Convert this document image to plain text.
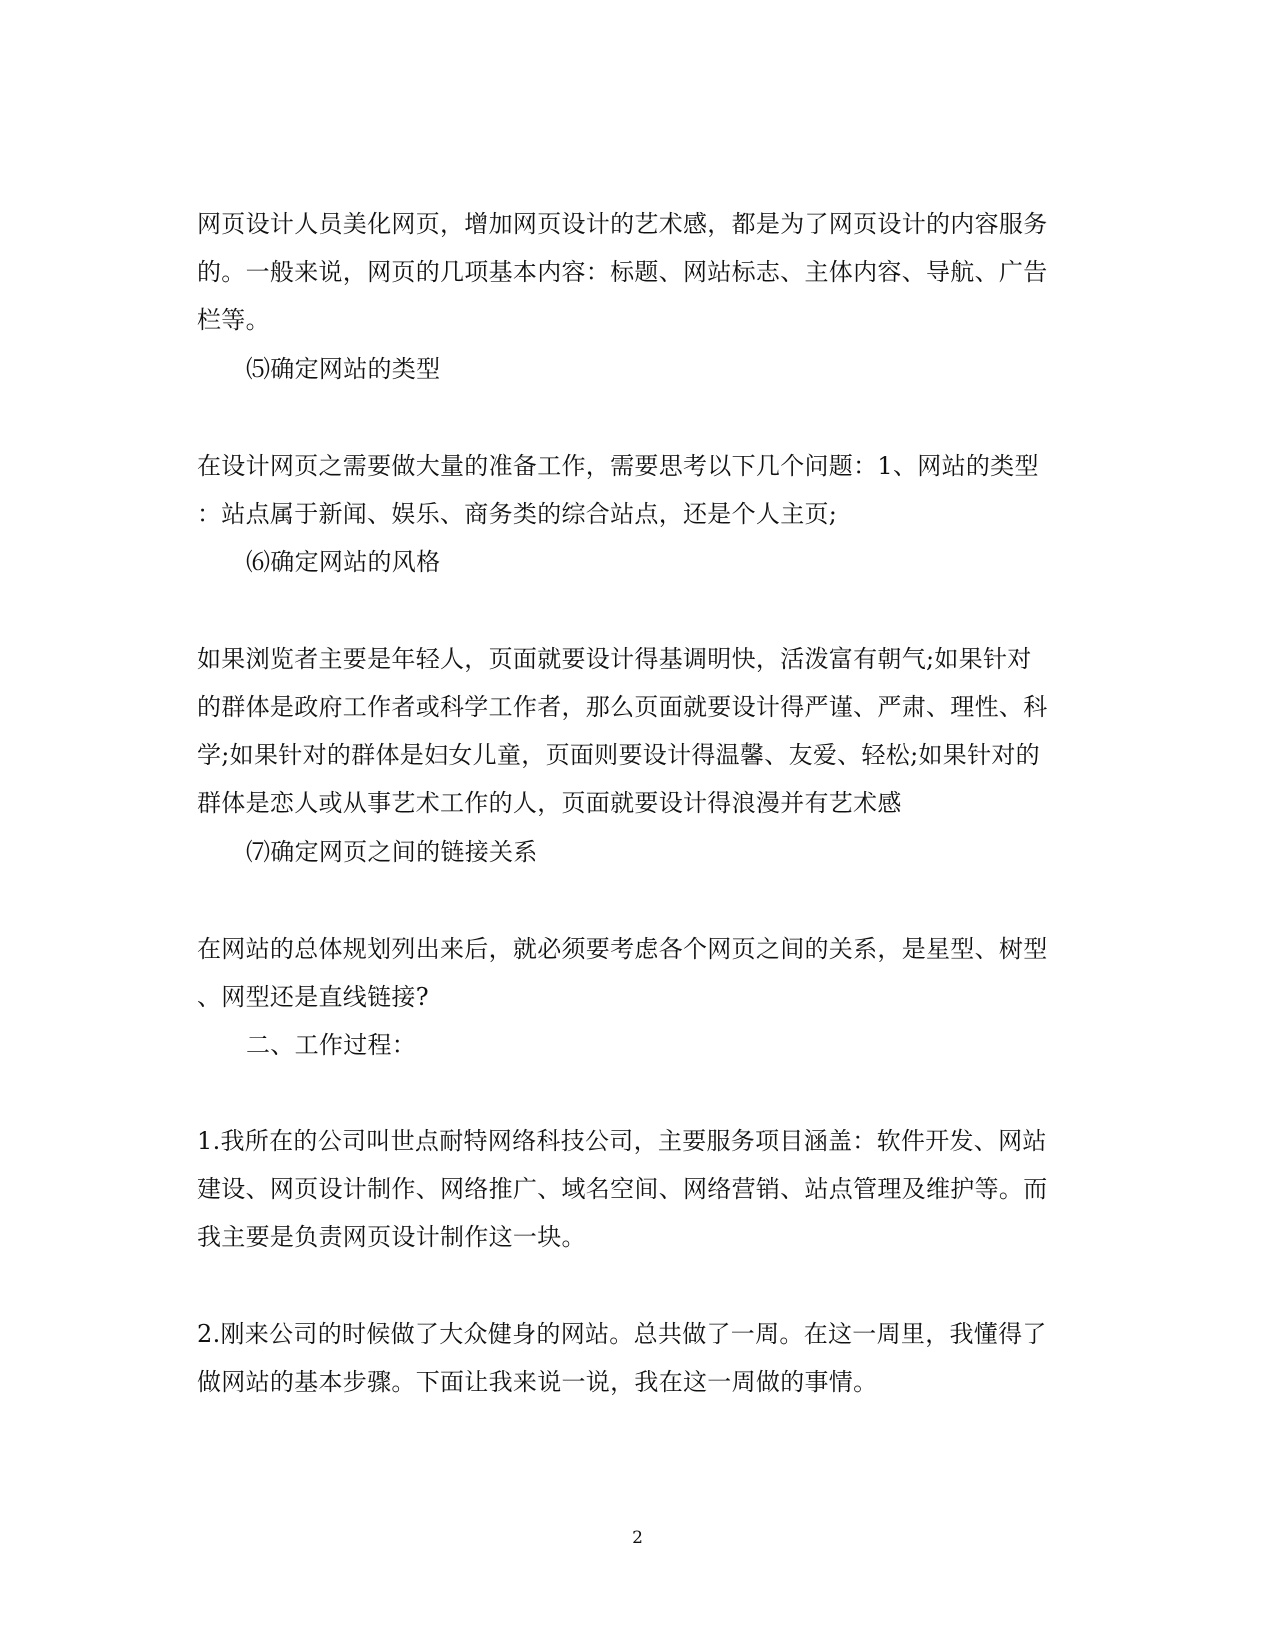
网页设计人员美化网页，增加网页设计的艺术感，都是为了网页设计的内容服务
的。一般来说，网页的几项基本内容：标题、网站标志、主体内容、导航、广告
栏等。
⑸确定网站的类型
在设计网页之需要做大量的准备工作，需要思考以下几个问题：1、网站的类型
：站点属于新闻、娱乐、商务类的综合站点，还是个人主页;
⑹确定网站的风格
如果浏览者主要是年轻人，页面就要设计得基调明快，活泼富有朝气;如果针对
的群体是政府工作者或科学工作者，那么页面就要设计得严谨、严肃、理性、科
学;如果针对的群体是妇女儿童，页面则要设计得温馨、友爱、轻松;如果针对的
群体是恋人或从事艺术工作的人，页面就要设计得浪漫并有艺术感
⑺确定网页之间的链接关系
在网站的总体规划列出来后，就必须要考虑各个网页之间的关系，是星型、树型
、网型还是直线链接?
二、工作过程：
1.我所在的公司叫世点耐特网络科技公司，主要服务项目涵盖：软件开发、网站
建设、网页设计制作、网络推广、域名空间、网络营销、站点管理及维护等。而
我主要是负责网页设计制作这一块。
2.刚来公司的时候做了大众健身的网站。总共做了一周。在这一周里，我懂得了
做网站的基本步骤。下面让我来说一说，我在这一周做的事情。
2
